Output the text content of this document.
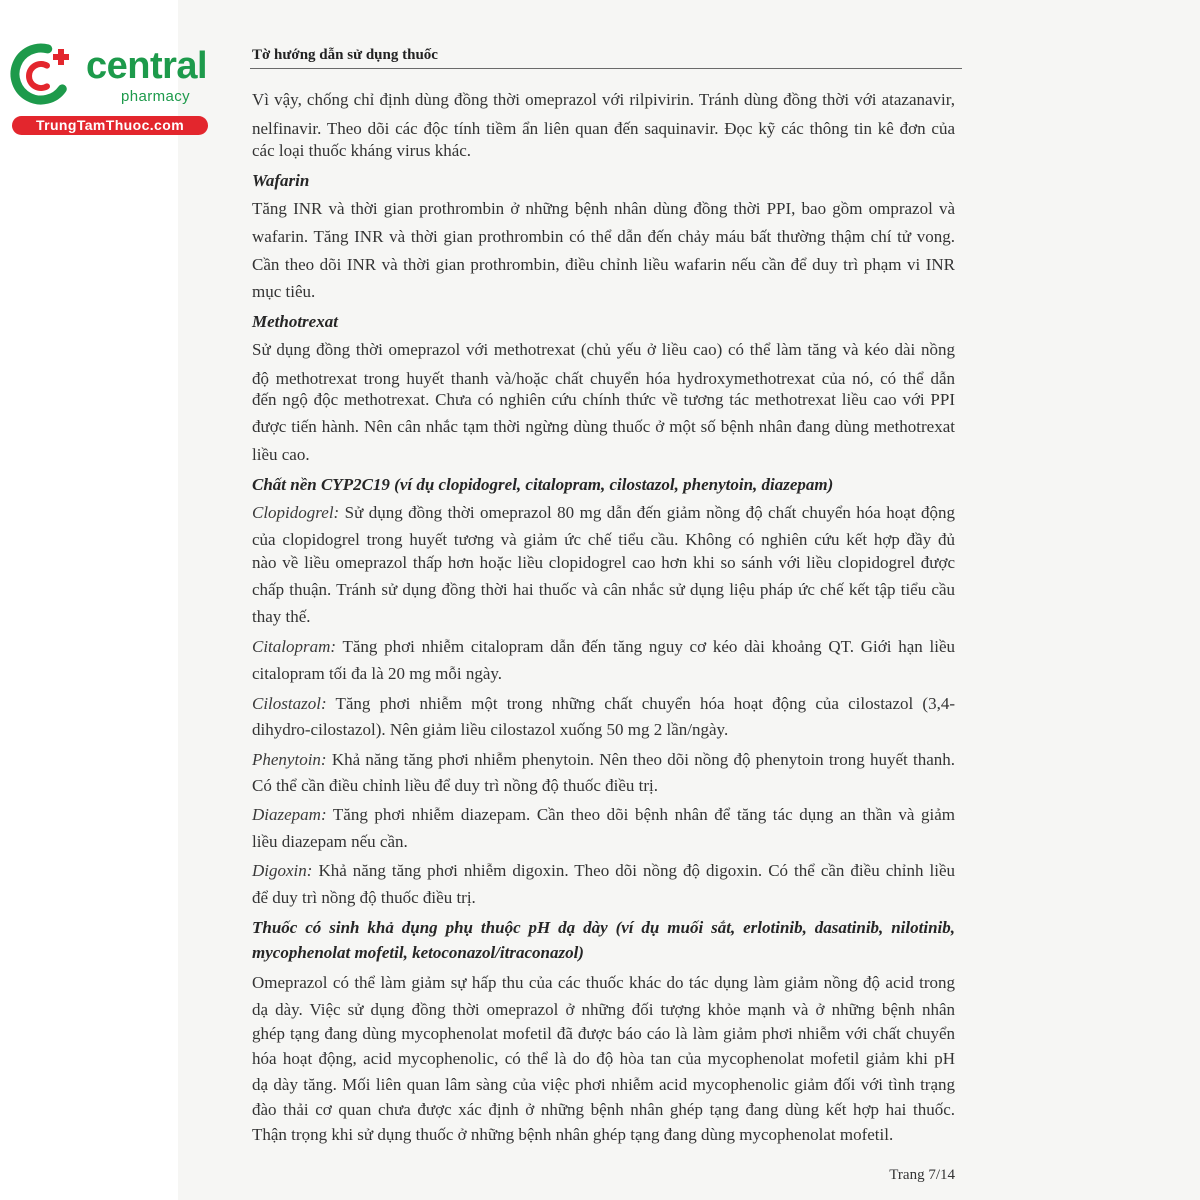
central
pharmacy
TrungTamThuoc.com
Tờ hướng dẫn sử dụng thuốc
Vì vậy, chống chỉ định dùng đồng thời omeprazol với rilpivirin. Tránh dùng đồng thời với atazanavir,
nelfinavir. Theo dõi các độc tính tiềm ẩn liên quan đến saquinavir. Đọc kỹ các thông tin kê đơn của
các loại thuốc kháng virus khác.
Wafarin
Tăng INR và thời gian prothrombin ở những bệnh nhân dùng đồng thời PPI, bao gồm omprazol và
wafarin. Tăng INR và thời gian prothrombin có thể dẫn đến chảy máu bất thường thậm chí tử vong.
Cần theo dõi INR và thời gian prothrombin, điều chỉnh liều wafarin nếu cần để duy trì phạm vi INR
mục tiêu.
Methotrexat
Sử dụng đồng thời omeprazol với methotrexat (chủ yếu ở liều cao) có thể làm tăng và kéo dài nồng
độ methotrexat trong huyết thanh và/hoặc chất chuyển hóa hydroxymethotrexat của nó, có thể dẫn
đến ngộ độc methotrexat. Chưa có nghiên cứu chính thức về tương tác methotrexat liều cao với PPI
được tiến hành. Nên cân nhắc tạm thời ngừng dùng thuốc ở một số bệnh nhân đang dùng methotrexat
liều cao.
Chất nền CYP2C19 (ví dụ clopidogrel, citalopram, cilostazol, phenytoin, diazepam)
Clopidogrel: Sử dụng đồng thời omeprazol 80 mg dẫn đến giảm nồng độ chất chuyển hóa hoạt động
của clopidogrel trong huyết tương và giảm ức chế tiểu cầu. Không có nghiên cứu kết hợp đầy đủ
nào về liều omeprazol thấp hơn hoặc liều clopidogrel cao hơn khi so sánh với liều clopidogrel được
chấp thuận. Tránh sử dụng đồng thời hai thuốc và cân nhắc sử dụng liệu pháp ức chế kết tập tiểu cầu
thay thế.
Citalopram: Tăng phơi nhiễm citalopram dẫn đến tăng nguy cơ kéo dài khoảng QT. Giới hạn liều
citalopram tối đa là 20 mg mỗi ngày.
Cilostazol: Tăng phơi nhiễm một trong những chất chuyển hóa hoạt động của cilostazol (3,4-
dihydro-cilostazol). Nên giảm liều cilostazol xuống 50 mg 2 lần/ngày.
Phenytoin: Khả năng tăng phơi nhiễm phenytoin. Nên theo dõi nồng độ phenytoin trong huyết thanh.
Có thể cần điều chỉnh liều để duy trì nồng độ thuốc điều trị.
Diazepam: Tăng phơi nhiễm diazepam. Cần theo dõi bệnh nhân để tăng tác dụng an thần và giảm
liều diazepam nếu cần.
Digoxin: Khả năng tăng phơi nhiễm digoxin. Theo dõi nồng độ digoxin. Có thể cần điều chỉnh liều
để duy trì nồng độ thuốc điều trị.
Thuốc có sinh khả dụng phụ thuộc pH dạ dày (ví dụ muối sắt, erlotinib, dasatinib, nilotinib,
mycophenolat mofetil, ketoconazol/itraconazol)
Omeprazol có thể làm giảm sự hấp thu của các thuốc khác do tác dụng làm giảm nồng độ acid trong
dạ dày. Việc sử dụng đồng thời omeprazol ở những đối tượng khỏe mạnh và ở những bệnh nhân
ghép tạng đang dùng mycophenolat mofetil đã được báo cáo là làm giảm phơi nhiễm với chất chuyển
hóa hoạt động, acid mycophenolic, có thể là do độ hòa tan của mycophenolat mofetil giảm khi pH
dạ dày tăng. Mối liên quan lâm sàng của việc phơi nhiễm acid mycophenolic giảm đối với tình trạng
đào thải cơ quan chưa được xác định ở những bệnh nhân ghép tạng đang dùng kết hợp hai thuốc.
Thận trọng khi sử dụng thuốc ở những bệnh nhân ghép tạng đang dùng mycophenolat mofetil.
Trang 7/14
